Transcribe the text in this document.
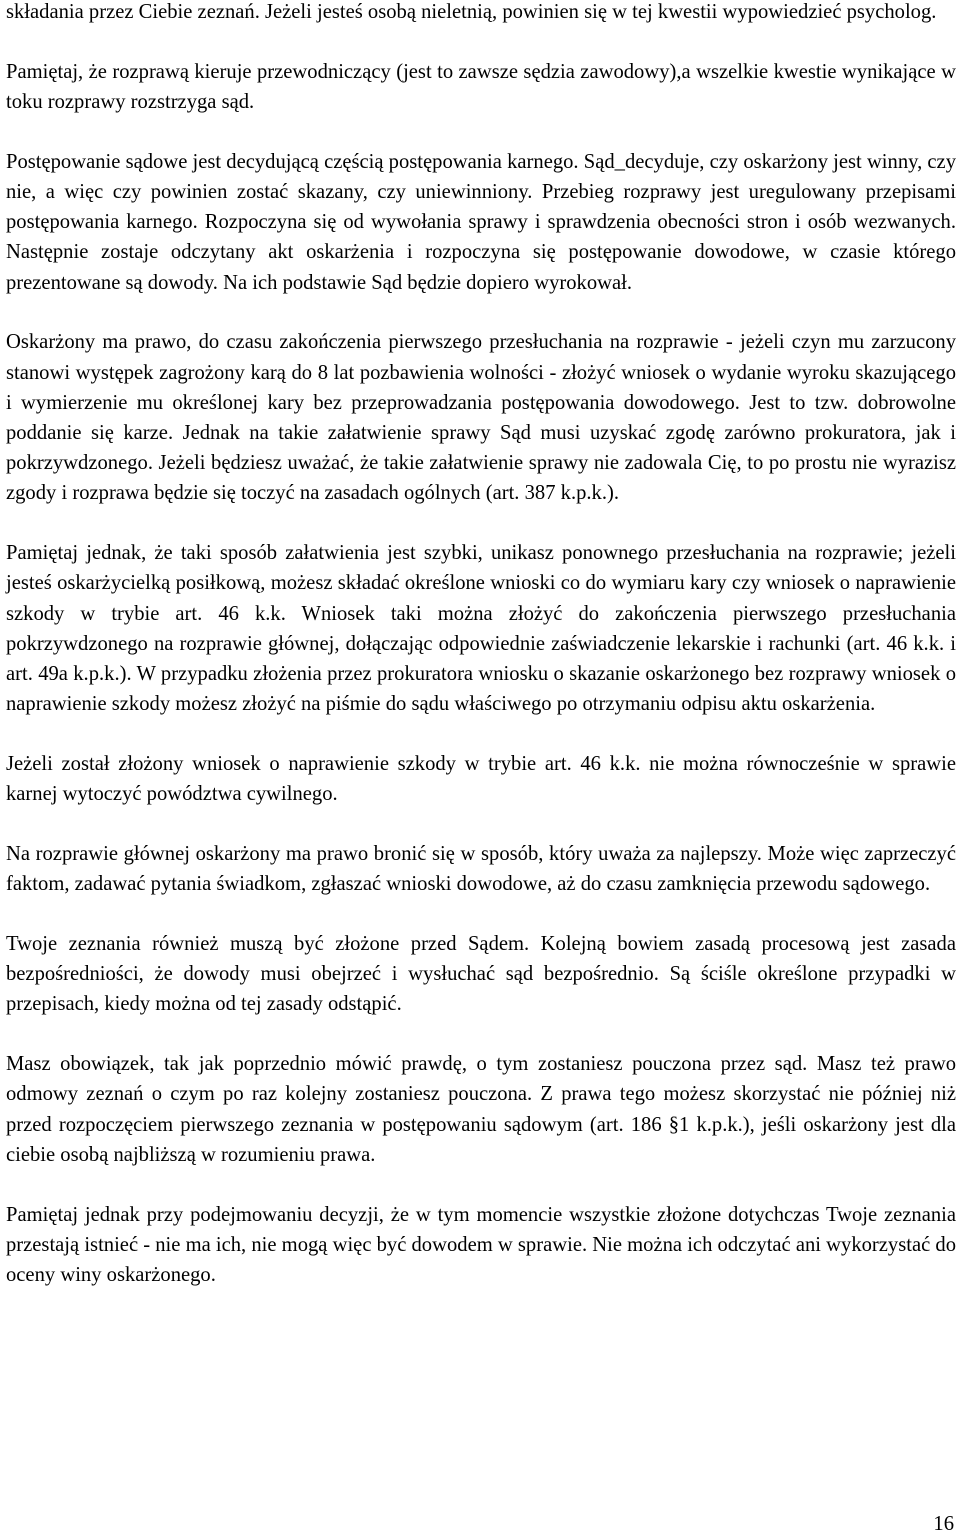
składania przez Ciebie zeznań. Jeżeli jesteś osobą nieletnią, powinien się w tej kwestii wypowiedzieć psycholog.

Pamiętaj, że rozprawą kieruje przewodniczący (jest to zawsze sędzia zawodowy),a wszelkie kwestie wynikające w toku rozprawy rozstrzyga sąd.

Postępowanie sądowe jest decydującą częścią postępowania karnego. Sąd_decyduje, czy oskarżony jest winny, czy nie, a więc czy powinien zostać skazany, czy uniewinniony. Przebieg rozprawy jest uregulowany przepisami postępowania karnego. Rozpoczyna się od wywołania sprawy i sprawdzenia obecności stron i osób wezwanych. Następnie zostaje odczytany akt oskarżenia i rozpoczyna się postępowanie dowodowe, w czasie którego prezentowane są dowody. Na ich podstawie Sąd będzie dopiero wyrokował.

Oskarżony ma prawo, do czasu zakończenia pierwszego przesłuchania na rozprawie - jeżeli czyn mu zarzucony stanowi występek zagrożony karą do 8 lat pozbawienia wolności - złożyć wniosek o wydanie wyroku skazującego i wymierzenie mu określonej kary bez przeprowadzania postępowania dowodowego. Jest to tzw. dobrowolne poddanie się karze. Jednak na takie załatwienie sprawy Sąd musi uzyskać zgodę zarówno prokuratora, jak i pokrzywdzonego. Jeżeli będziesz uważać, że takie załatwienie sprawy nie zadowala Cię, to po prostu nie wyrazisz zgody i rozprawa będzie się toczyć na zasadach ogólnych (art. 387 k.p.k.).

Pamiętaj jednak, że taki sposób załatwienia jest szybki, unikasz ponownego przesłuchania na rozprawie; jeżeli jesteś oskarżycielką posiłkową, możesz składać określone wnioski co do wymiaru kary czy wniosek o naprawienie szkody w trybie art. 46 k.k. Wniosek taki można złożyć do zakończenia pierwszego przesłuchania pokrzywdzonego na rozprawie głównej, dołączając odpowiednie zaświadczenie lekarskie i rachunki (art. 46 k.k. i art. 49a k.p.k.). W przypadku złożenia przez prokuratora wniosku o skazanie oskarżonego bez rozprawy wniosek o naprawienie szkody możesz złożyć na piśmie do sądu właściwego po otrzymaniu odpisu aktu oskarżenia.

Jeżeli został złożony wniosek o naprawienie szkody w trybie art. 46 k.k. nie można równocześnie w sprawie karnej wytoczyć powództwa cywilnego.

Na rozprawie głównej oskarżony ma prawo bronić się w sposób, który uważa za najlepszy. Może więc zaprzeczyć faktom, zadawać pytania świadkom, zgłaszać wnioski dowodowe, aż do czasu zamknięcia przewodu sądowego.

Twoje zeznania również muszą być złożone przed Sądem. Kolejną bowiem zasadą procesową jest zasada bezpośredniości, że dowody musi obejrzeć i wysłuchać sąd bezpośrednio. Są ściśle określone przypadki w przepisach, kiedy można od tej zasady odstąpić.

Masz obowiązek, tak jak poprzednio mówić prawdę, o tym zostaniesz pouczona przez sąd. Masz też prawo odmowy zeznań o czym po raz kolejny zostaniesz pouczona. Z prawa tego możesz skorzystać nie później niż przed rozpoczęciem pierwszego zeznania w postępowaniu sądowym (art. 186 §1 k.p.k.), jeśli oskarżony jest dla ciebie osobą najbliższą w rozumieniu prawa.

Pamiętaj jednak przy podejmowaniu decyzji, że w tym momencie wszystkie złożone dotychczas Twoje zeznania przestają istnieć - nie ma ich, nie mogą więc być dowodem w sprawie. Nie można ich odczytać ani wykorzystać do oceny winy oskarżonego.

16
